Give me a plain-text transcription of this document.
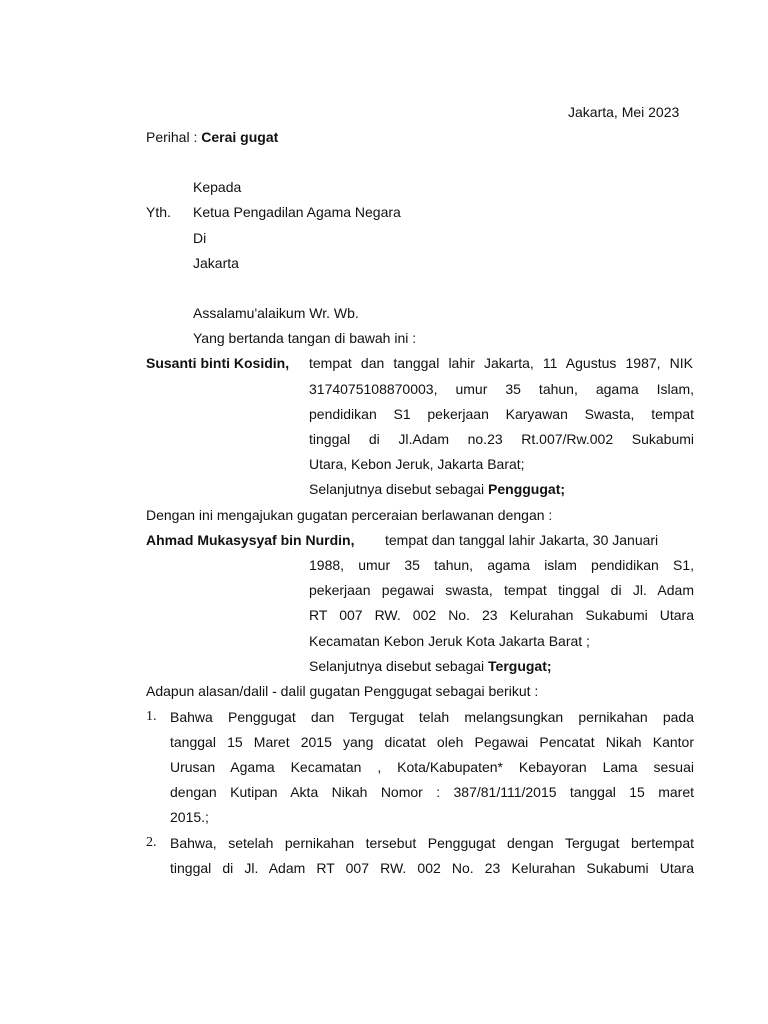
Jakarta, Mei 2023
Perihal : Cerai gugat
Kepada
Yth. Ketua Pengadilan Agama Negara
Di
Jakarta
Assalamu'alaikum Wr. Wb.
Yang bertanda tangan di bawah ini :
Susanti binti Kosidin, tempat dan tanggal lahir Jakarta, 11 Agustus 1987, NIK
3174075108870003, umur 35 tahun, agama Islam,
pendidikan S1 pekerjaan Karyawan Swasta, tempat
tinggal di Jl.Adam no.23 Rt.007/Rw.002 Sukabumi
Utara, Kebon Jeruk, Jakarta Barat;
Selanjutnya disebut sebagai Penggugat;
Dengan ini mengajukan gugatan perceraian berlawanan dengan :
Ahmad Mukasysyaf bin Nurdin, tempat dan tanggal lahir Jakarta, 30 Januari
1988, umur 35 tahun, agama islam pendidikan S1,
pekerjaan pegawai swasta, tempat tinggal di Jl. Adam
RT 007 RW. 002 No. 23 Kelurahan Sukabumi Utara
Kecamatan Kebon Jeruk Kota Jakarta Barat ;
Selanjutnya disebut sebagai Tergugat;
Adapun alasan/dalil - dalil gugatan Penggugat sebagai berikut :
1. Bahwa Penggugat dan Tergugat telah melangsungkan pernikahan pada
tanggal 15 Maret 2015 yang dicatat oleh Pegawai Pencatat Nikah Kantor
Urusan Agama Kecamatan , Kota/Kabupaten* Kebayoran Lama sesuai
dengan Kutipan Akta Nikah Nomor : 387/81/111/2015 tanggal 15 maret
2015.;
2. Bahwa, setelah pernikahan tersebut Penggugat dengan Tergugat bertempat
tinggal di Jl. Adam RT 007 RW. 002 No. 23 Kelurahan Sukabumi Utara
